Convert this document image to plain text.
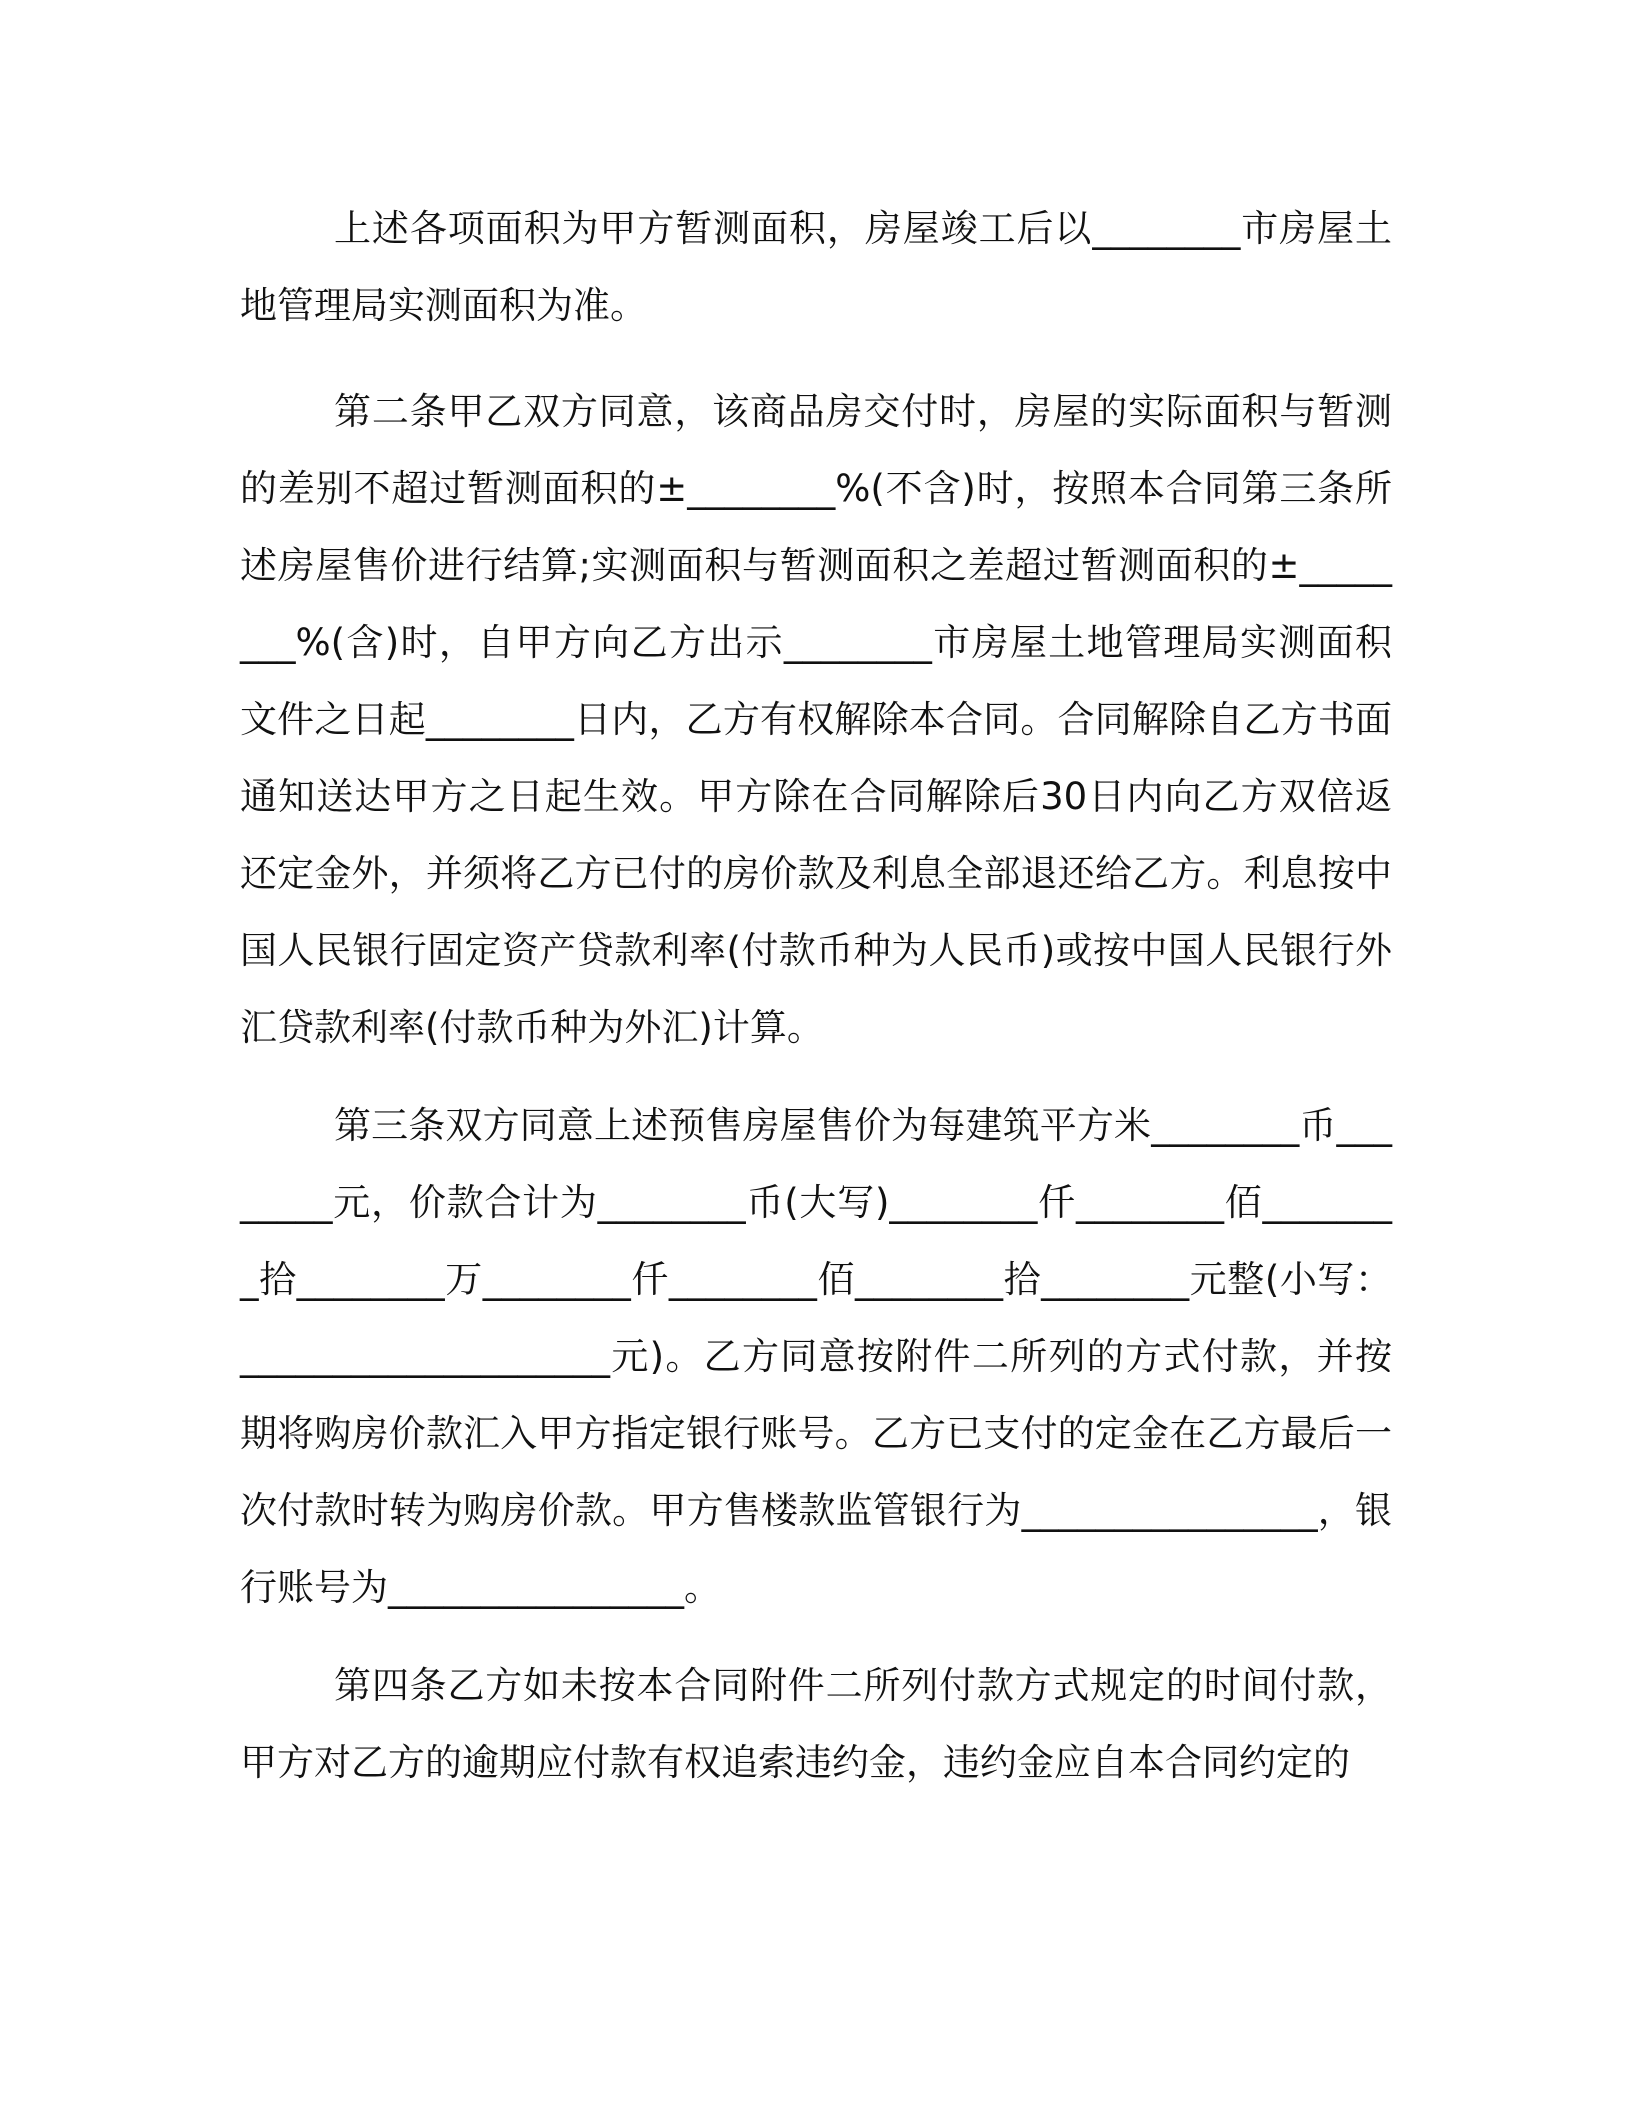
上述各项面积为甲方暂测面积，房屋竣工后以________市房屋土地管理局实测面积为准。

第二条甲乙双方同意，该商品房交付时，房屋的实际面积与暂测的差别不超过暂测面积的±________%(不含)时，按照本合同第三条所述房屋售价进行结算;实测面积与暂测面积之差超过暂测面积的±________%(含)时，自甲方向乙方出示________市房屋土地管理局实测面积文件之日起________日内，乙方有权解除本合同。合同解除自乙方书面通知送达甲方之日起生效。甲方除在合同解除后30日内向乙方双倍返还定金外，并须将乙方已付的房价款及利息全部退还给乙方。利息按中国人民银行固定资产贷款利率(付款币种为人民币)或按中国人民银行外汇贷款利率(付款币种为外汇)计算。

第三条双方同意上述预售房屋售价为每建筑平方米________币________元，价款合计为________币(大写)________仟________佰________拾________万________仟________佰________拾________元整(小写：____________________元)。乙方同意按附件二所列的方式付款，并按期将购房价款汇入甲方指定银行账号。乙方已支付的定金在乙方最后一次付款时转为购房价款。甲方售楼款监管银行为________________，银行账号为________________。

第四条乙方如未按本合同附件二所列付款方式规定的时间付款，甲方对乙方的逾期应付款有权追索违约金，违约金应自本合同约定的
